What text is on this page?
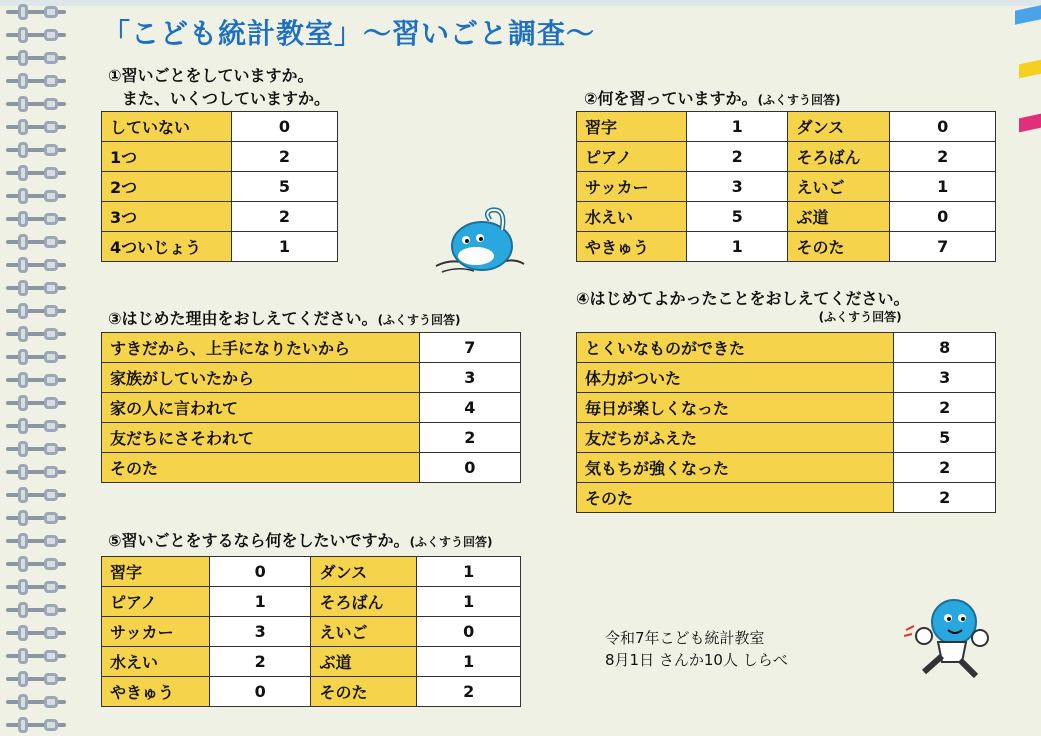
「こども統計教室」〜習いごと調査〜
①習いごとをしていますか。
また、いくつしていますか。
していない	0
1つ	2
2つ	5
3つ	2
4ついじょう	1
②何を習っていますか。(ふくすう回答)
習字	1	ダンス	0
ピアノ	2	そろばん	2
サッカー	3	えいご	1
水えい	5	ぶ道	0
やきゅう	1	そのた	7
③はじめた理由をおしえてください。(ふくすう回答)
すきだから、上手になりたいから	7
家族がしていたから	3
家の人に言われて	4
友だちにさそわれて	2
そのた	0
④はじめてよかったことをおしえてください。
(ふくすう回答)
とくいなものができた	8
体力がついた	3
毎日が楽しくなった	2
友だちがふえた	5
気もちが強くなった	2
そのた	2
⑤習いごとをするなら何をしたいですか。(ふくすう回答)
習字	0	ダンス	1
ピアノ	1	そろばん	1
サッカー	3	えいご	0
水えい	2	ぶ道	1
やきゅう	0	そのた	2
令和7年こども統計教室
8月1日 さんか10人 しらべ
